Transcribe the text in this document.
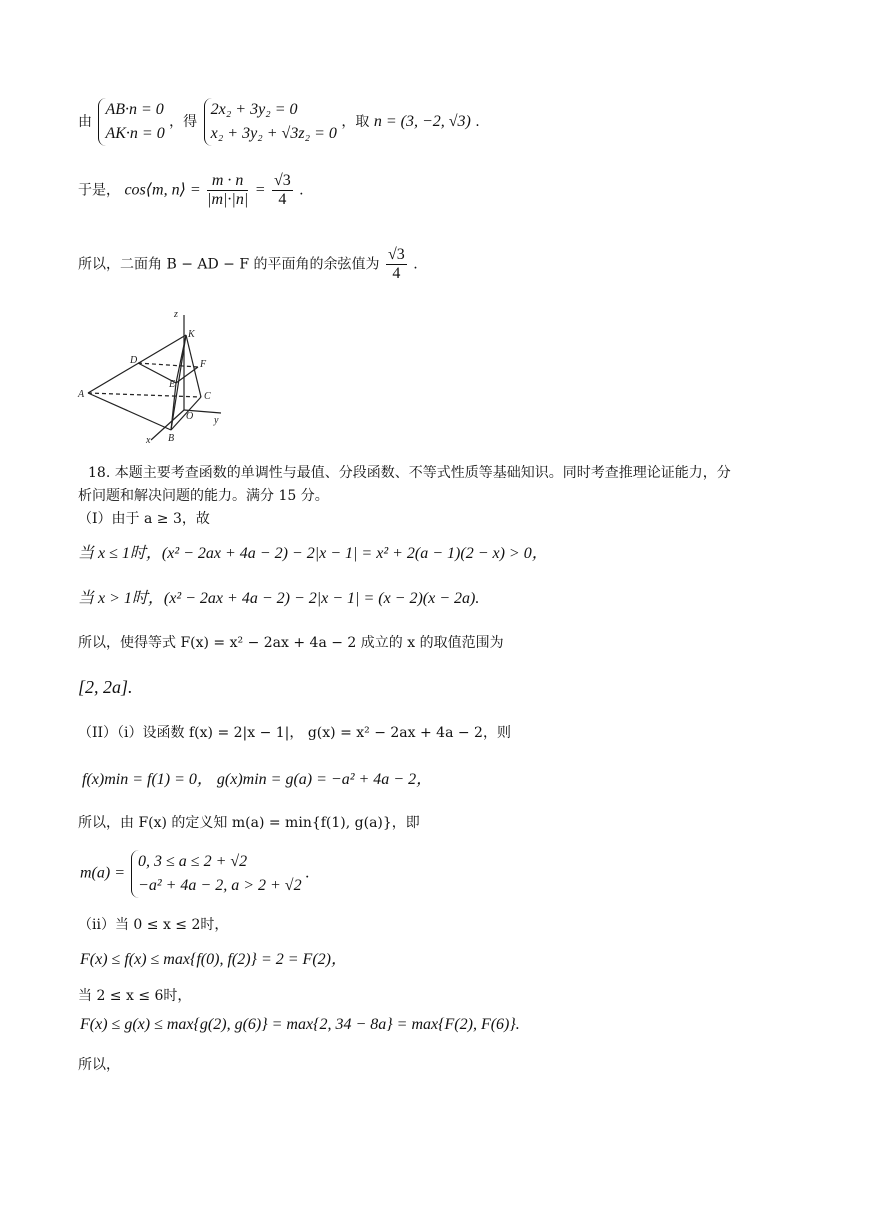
由
AB·n = 0
AK·n = 0
，得
2x₂ + 3y₂ = 0
x₂ + 3y₂ + √3z₂ = 0
，取 n = (3, −2, √3) .
于是， cos⟨m, n⟩ = $\frac{m \cdot n}{|m|\cdot|n|} = \frac{√3}{4}$ .
所以，二面角 B − AD − F 的平面角的余弦值为 $\frac{√3}{4}$ .
z
K
D	F
E
A	C
O y
x B
18. 本题主要考查函数的单调性与最值、分段函数、不等式性质等基础知识。同时考查推理论证能力，分
析问题和解决问题的能力。满分 15 分。
（I）由于 a ≥ 3，故
当 x ≤ 1时，(x² − 2ax + 4a − 2) − 2|x − 1| = x² + 2(a − 1)(2 − x) > 0，
当 x > 1时，(x² − 2ax + 4a − 2) − 2|x − 1| = (x − 2)(x − 2a).
所以，使得等式 F(x) = x² − 2ax + 4a − 2 成立的 x 的取值范围为
[2, 2a].
（II）（i）设函数 f(x) = 2|x − 1|， g(x) = x² − 2ax + 4a − 2，则
f(x)min = f(1) = 0， g(x)min = g(a) = −a² + 4a − 2，
所以，由 F(x) 的定义知 m(a) = min{f(1), g(a)}，即
m(a) =
0, 3 ≤ a ≤ 2 + √2
−a² + 4a − 2, a > 2 + √2
.
（ii）当 0 ≤ x ≤ 2时，
F(x) ≤ f(x) ≤ max{f(0), f(2)} = 2 = F(2)，
当 2 ≤ x ≤ 6时，
F(x) ≤ g(x) ≤ max{g(2), g(6)} = max{2, 34 − 8a} = max{F(2), F(6)}.
所以，
